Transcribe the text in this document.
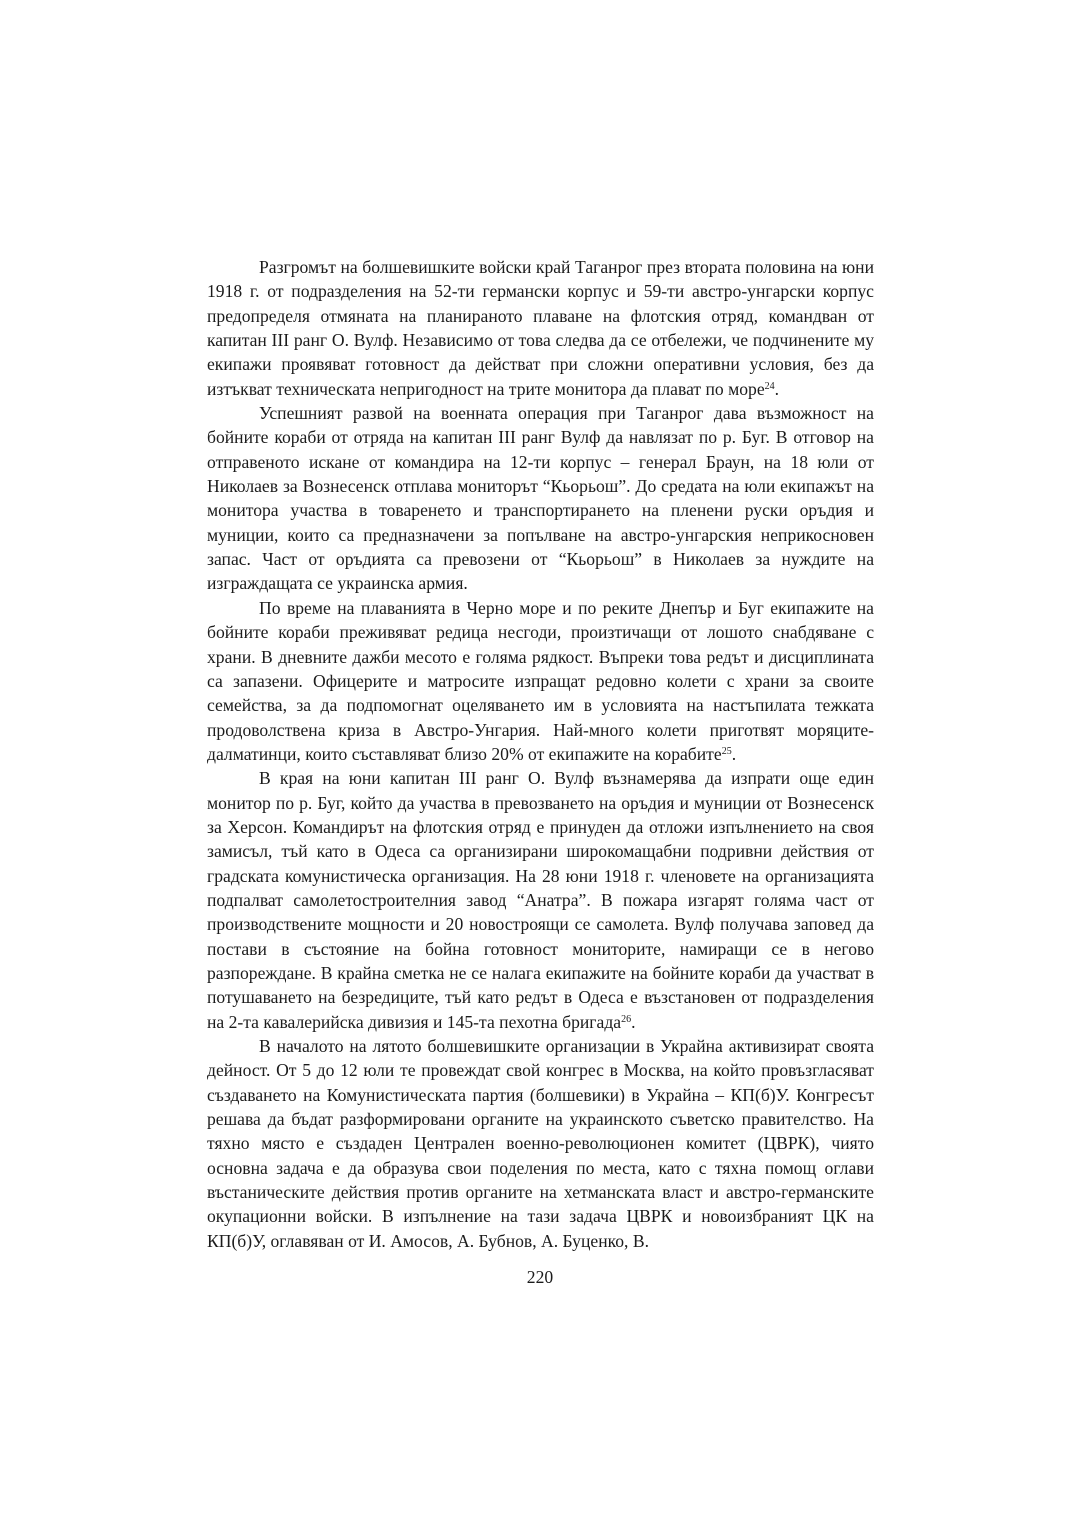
Разгромът на болшевишките войски край Таганрог през втората половина на юни 1918 г. от подразделения на 52-ти германски корпус и 59-ти австро-унгарски корпус предопределя отмяната на планираното плаване на флотския отряд, командван от капитан III ранг О. Вулф. Независимо от това следва да се отбележи, че подчинените му екипажи проявяват готовност да действат при сложни оперативни условия, без да изтъкват техническата непригодност на трите монитора да плават по море$^{24}$.

Успешният развой на военната операция при Таганрог дава възможност на бойните кораби от отряда на капитан III ранг Вулф да навлязат по р. Буг. В отговор на отправеното искане от командира на 12-ти корпус – генерал Браун, на 18 юли от Николаев за Вознесенск отплава мониторът “Кьорьош”. До средата на юли екипажът на монитора участва в товаренето и транспортирането на пленени руски оръдия и муниции, които са предназначени за попълване на австро-унгарския неприкосновен запас. Част от оръдията са превозени от “Кьорьош” в Николаев за нуждите на изграждащата се украинска армия.

По време на плаванията в Черно море и по реките Днепър и Буг екипажите на бойните кораби преживяват редица несгоди, произтичащи от лошото снабдяване с храни. В дневните дажби месото е голяма рядкост. Въпреки това редът и дисциплината са запазени. Офицерите и матросите изпращат редовно колети с храни за своите семейства, за да подпомогнат оцеляването им в условията на настъпилата тежката продоволствена криза в Австро-Унгария. Най-много колети приготвят моряците-далматинци, които съставляват близо 20% от екипажите на корабите$^{25}$.

В края на юни капитан III ранг О. Вулф възнамерява да изпрати още един монитор по р. Буг, който да участва в превозването на оръдия и муниции от Вознесенск за Херсон. Командирът на флотския отряд е принуден да отложи изпълнението на своя замисъл, тъй като в Одеса са организирани широкомащабни подривни действия от градската комунистическа организация. На 28 юни 1918 г. членовете на организацията подпалват самолетостроителния завод “Анатра”. В пожара изгарят голяма част от производствените мощности и 20 новостроящи се самолета. Вулф получава заповед да постави в състояние на бойна готовност мониторите, намиращи се в негово разпореждане. В крайна сметка не се налага екипажите на бойните кораби да участват в потушаването на безредиците, тъй като редът в Одеса е възстановен от подразделения на 2-та кавалерийска дивизия и 145-та пехотна бригада$^{26}$.

В началото на лятото болшевишките организации в Украйна активизират своята дейност. От 5 до 12 юли те провеждат свой конгрес в Москва, на който провъзгласяват създаването на Комунистическата партия (болшевики) в Украйна – КП(б)У. Конгресът решава да бъдат разформировани органите на украинското съветско правителство. На тяхно място е създаден Централен военно-революционен комитет (ЦВРК), чиято основна задача е да образува свои поделения по места, като с тяхна помощ оглави въстаническите действия против органите на хетманската власт и австро-германските окупационни войски. В изпълнение на тази задача ЦВРК и новоизбраният ЦК на КП(б)У, оглавяван от И. Амосов, А. Бубнов, А. Буценко, В.

220
